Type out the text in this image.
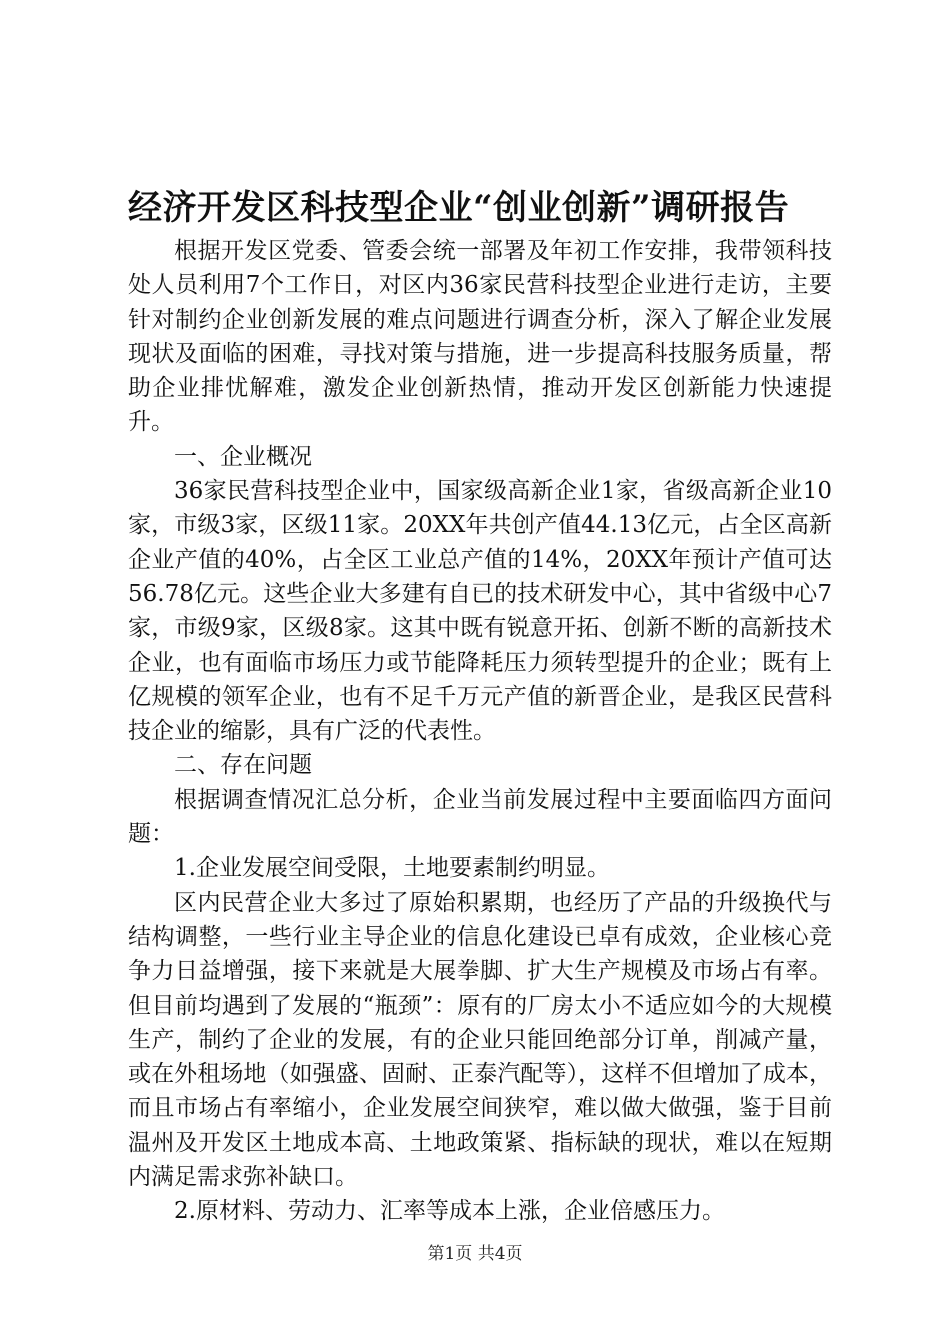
经济开发区科技型企业“创业创新”调研报告

根据开发区党委、管委会统一部署及年初工作安排，我带领科技处人员利用7个工作日，对区内36家民营科技型企业进行走访，主要针对制约企业创新发展的难点问题进行调查分析，深入了解企业发展现状及面临的困难，寻找对策与措施，进一步提高科技服务质量，帮助企业排忧解难，激发企业创新热情，推动开发区创新能力快速提升。

一、企业概况

36家民营科技型企业中，国家级高新企业1家，省级高新企业10家，市级3家，区级11家。20XX年共创产值44.13亿元，占全区高新企业产值的40%，占全区工业总产值的14%，20XX年预计产值可达56.78亿元。这些企业大多建有自已的技术研发中心，其中省级中心7家，市级9家，区级8家。这其中既有锐意开拓、创新不断的高新技术企业，也有面临市场压力或节能降耗压力须转型提升的企业；既有上亿规模的领军企业，也有不足千万元产值的新晋企业，是我区民营科技企业的缩影，具有广泛的代表性。

二、存在问题

根据调查情况汇总分析，企业当前发展过程中主要面临四方面问题：

1.企业发展空间受限，土地要素制约明显。

区内民营企业大多过了原始积累期，也经历了产品的升级换代与结构调整，一些行业主导企业的信息化建设已卓有成效，企业核心竞争力日益增强，接下来就是大展拳脚、扩大生产规模及市场占有率。但目前均遇到了发展的“瓶颈”：原有的厂房太小不适应如今的大规模生产，制约了企业的发展，有的企业只能回绝部分订单，削减产量，或在外租场地（如强盛、固耐、正泰汽配等），这样不但增加了成本，而且市场占有率缩小，企业发展空间狭窄，难以做大做强，鉴于目前温州及开发区土地成本高、土地政策紧、指标缺的现状，难以在短期内满足需求弥补缺口。

2.原材料、劳动力、汇率等成本上涨，企业倍感压力。

第1页 共4页
